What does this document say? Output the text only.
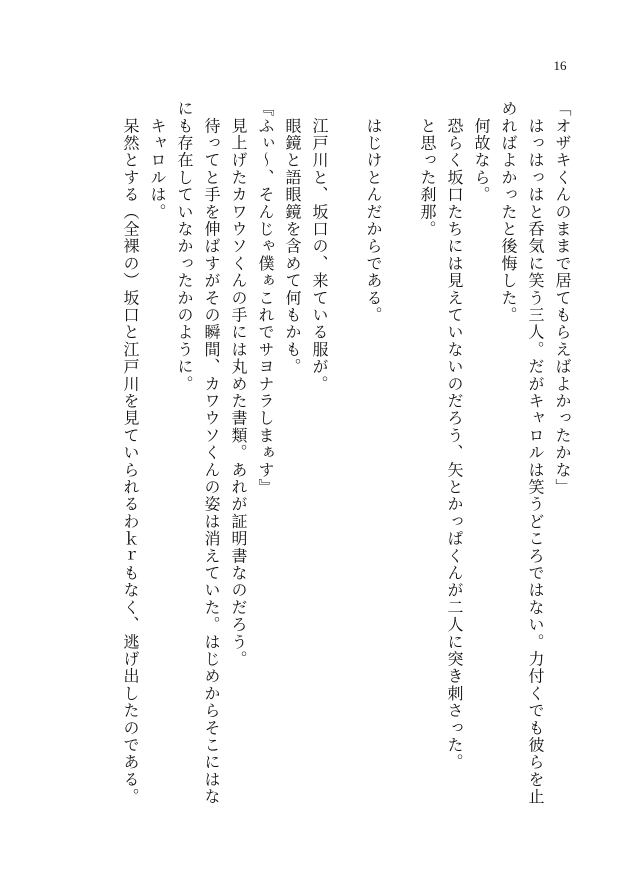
16
「オザキくんのままで居てもらえばよかったかな」
　はっはっはと呑気に笑う三人。だがキャロルは笑うどころではない。力付くでも彼らを止
めればよかったと後悔した。
　何故なら。
　恐らく坂口たちには見えていないのだろう、矢とかっぱくんが二人に突き刺さった。
　と思った刹那。
　はじけとんだからである。
　江戸川と、坂口の、来ている服が。
　眼鏡と語眼鏡を含めて何もかも。
『ふぃ〜、そんじゃ僕ぁこれでサヨナラしまぁす』
　見上げたカワウソくんの手には丸めた書類。あれが証明書なのだろう。
　待ってと手を伸ばすがその瞬間、カワウソくんの姿は消えていた。はじめからそこにはな
にも存在していなかったかのように。
　キャロルは。
　呆然とする（全裸の）坂口と江戸川を見ていられるわｋｒもなく、逃げ出したのである。
